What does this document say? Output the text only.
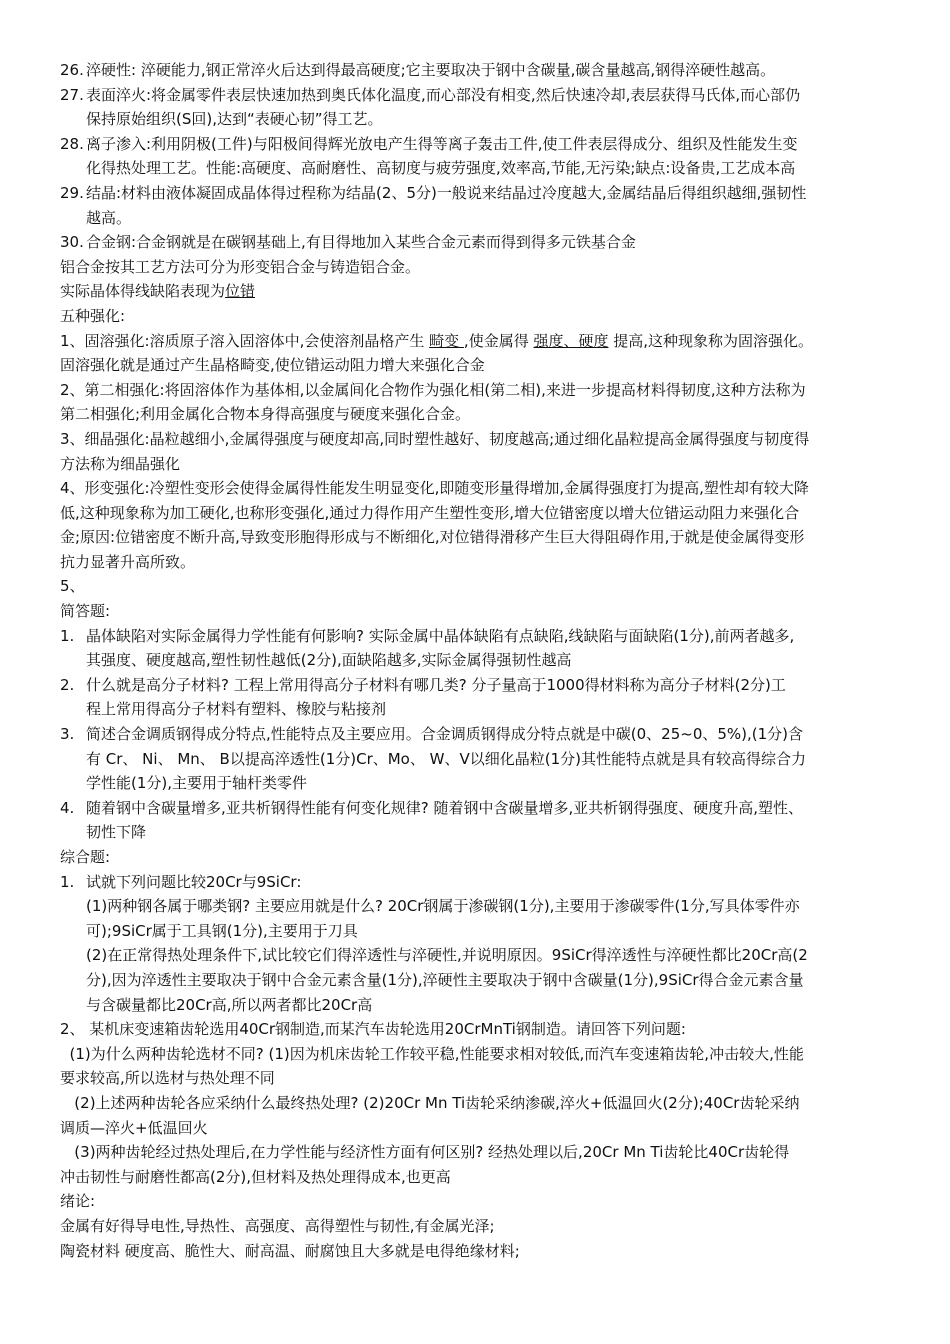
26. 淬硬性: 淬硬能力,钢正常淬火后达到得最高硬度;它主要取决于钢中含碳量,碳含量越高,钢得淬硬性越高。
27. 表面淬火:将金属零件表层快速加热到奥氏体化温度,而心部没有相变,然后快速冷却,表层获得马氏体,而心部仍
保持原始组织(S回),达到“表硬心韧”得工艺。
28. 离子渗入:利用阴极(工件)与阳极间得辉光放电产生得等离子轰击工件,使工件表层得成分、组织及性能发生变
化得热处理工艺。性能:高硬度、高耐磨性、高韧度与疲劳强度,效率高,节能,无污染;缺点:设备贵,工艺成本高
29. 结晶:材料由液体凝固成晶体得过程称为结晶(2、5分)一般说来结晶过冷度越大,金属结晶后得组织越细,强韧性
越高。
30. 合金钢:合金钢就是在碳钢基础上,有目得地加入某些合金元素而得到得多元铁基合金
铝合金按其工艺方法可分为形变铝合金与铸造铝合金。
实际晶体得线缺陷表现为位错
五种强化:
1、固溶强化:溶质原子溶入固溶体中,会使溶剂晶格产生 畸变 ,使金属得 强度、硬度 提高,这种现象称为固溶强化。
固溶强化就是通过产生晶格畸变,使位错运动阻力增大来强化合金
2、第二相强化:将固溶体作为基体相,以金属间化合物作为强化相(第二相),来进一步提高材料得韧度,这种方法称为
第二相强化;利用金属化合物本身得高强度与硬度来强化合金。
3、细晶强化:晶粒越细小,金属得强度与硬度却高,同时塑性越好、韧度越高;通过细化晶粒提高金属得强度与韧度得
方法称为细晶强化
4、形变强化:冷塑性变形会使得金属得性能发生明显变化,即随变形量得增加,金属得强度打为提高,塑性却有较大降
低,这种现象称为加工硬化,也称形变强化,通过力得作用产生塑性变形,增大位错密度以增大位错运动阻力来强化合
金;原因:位错密度不断升高,导致变形胞得形成与不断细化,对位错得滑移产生巨大得阻碍作用,于就是使金属得变形
抗力显著升高所致。
5、
简答题:
1. 晶体缺陷对实际金属得力学性能有何影响? 实际金属中晶体缺陷有点缺陷,线缺陷与面缺陷(1分),前两者越多,
其强度、硬度越高,塑性韧性越低(2分),面缺陷越多,实际金属得强韧性越高
2. 什么就是高分子材料? 工程上常用得高分子材料有哪几类? 分子量高于1000得材料称为高分子材料(2分)工
程上常用得高分子材料有塑料、橡胶与粘接剂
3. 简述合金调质钢得成分特点,性能特点及主要应用。合金调质钢得成分特点就是中碳(0、25~0、5%),(1分)含
有 Cr、 Ni、 Mn、 B以提高淬透性(1分)Cr、Mo、 W、V以细化晶粒(1分)其性能特点就是具有较高得综合力
学性能(1分),主要用于轴杆类零件
4. 随着钢中含碳量增多,亚共析钢得性能有何变化规律? 随着钢中含碳量增多,亚共析钢得强度、硬度升高,塑性、
韧性下降
综合题:
1. 试就下列问题比较20Cr与9SiCr:
(1)两种钢各属于哪类钢? 主要应用就是什么? 20Cr钢属于渗碳钢(1分),主要用于渗碳零件(1分,写具体零件亦
可);9SiCr属于工具钢(1分),主要用于刀具
(2)在正常得热处理条件下,试比较它们得淬透性与淬硬性,并说明原因。9SiCr得淬透性与淬硬性都比20Cr高(2
分),因为淬透性主要取决于钢中合金元素含量(1分),淬硬性主要取决于钢中含碳量(1分),9SiCr得合金元素含量
与含碳量都比20Cr高,所以两者都比20Cr高
2、 某机床变速箱齿轮选用40Cr钢制造,而某汽车齿轮选用20CrMnTi钢制造。请回答下列问题:
(1)为什么两种齿轮选材不同? (1)因为机床齿轮工作较平稳,性能要求相对较低,而汽车变速箱齿轮,冲击较大,性能
要求较高,所以选材与热处理不同
(2)上述两种齿轮各应采纳什么最终热处理? (2)20Cr Mn Ti齿轮采纳渗碳,淬火+低温回火(2分);40Cr齿轮采纳
调质—淬火+低温回火
(3)两种齿轮经过热处理后,在力学性能与经济性方面有何区别? 经热处理以后,20Cr Mn Ti齿轮比40Cr齿轮得
冲击韧性与耐磨性都高(2分),但材料及热处理得成本,也更高
绪论:
金属有好得导电性,导热性、高强度、高得塑性与韧性,有金属光泽;
陶瓷材料 硬度高、脆性大、耐高温、耐腐蚀且大多就是电得绝缘材料;
